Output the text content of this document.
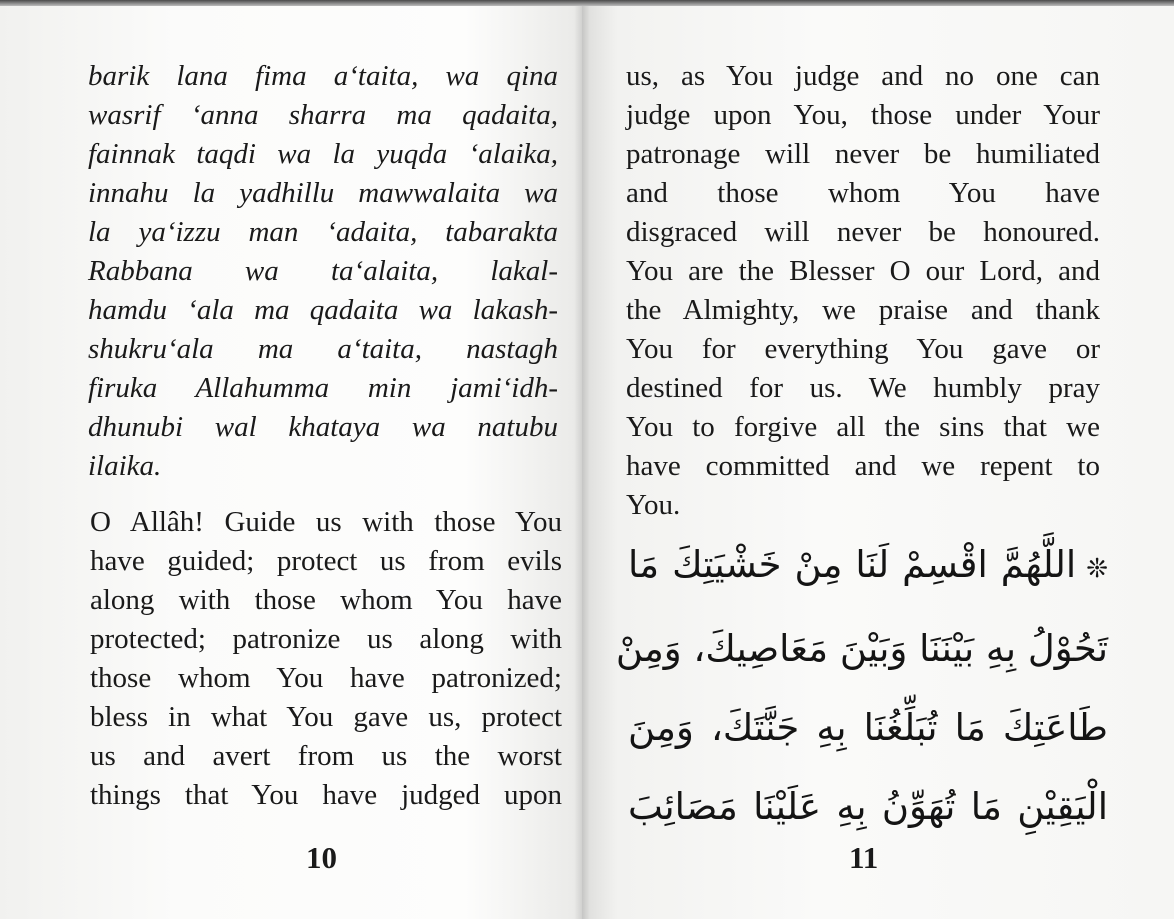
barik lana fima a‘taita, wa qina
wasrif ‘anna sharra ma qadaita,
fainnak taqdi wa la yuqda ‘alaika,
innahu la yadhillu mawwalaita wa
la ya‘izzu man ‘adaita, tabarakta
Rabbana wa ta‘alaita, lakal-
hamdu ‘ala ma qadaita wa lakash-
shukru‘ala ma a‘taita, nastagh
firuka Allahumma min jami‘idh-
dhunubi wal khataya wa natubu
ilaika.
O Allâh! Guide us with those You
have guided; protect us from evils
along with those whom You have
protected; patronize us along with
those whom You have patronized;
bless in what You gave us, protect
us and avert from us the worst
things that You have judged upon
10
us, as You judge and no one can
judge upon You, those under Your
patronage will never be humiliated
and those whom You have
disgraced will never be honoured.
You are the Blesser O our Lord, and
the Almighty, we praise and thank
You for everything You gave or
destined for us. We humbly pray
You to forgive all the sins that we
have committed and we repent to
You.
❊اللَّهُمَّ اقْسِمْ لَنَا مِنْ خَشْيَتِكَ مَا
تَحُوْلُ بِهِ بَيْنَنَا وَبَيْنَ مَعَاصِيكَ، وَمِنْ
طَاعَتِكَ مَا تُبَلِّغُنَا بِهِ جَنَّتَكَ، وَمِنَ
الْيَقِيْنِ مَا تُهَوِّنُ بِهِ عَلَيْنَا مَصَائِبَ
11
